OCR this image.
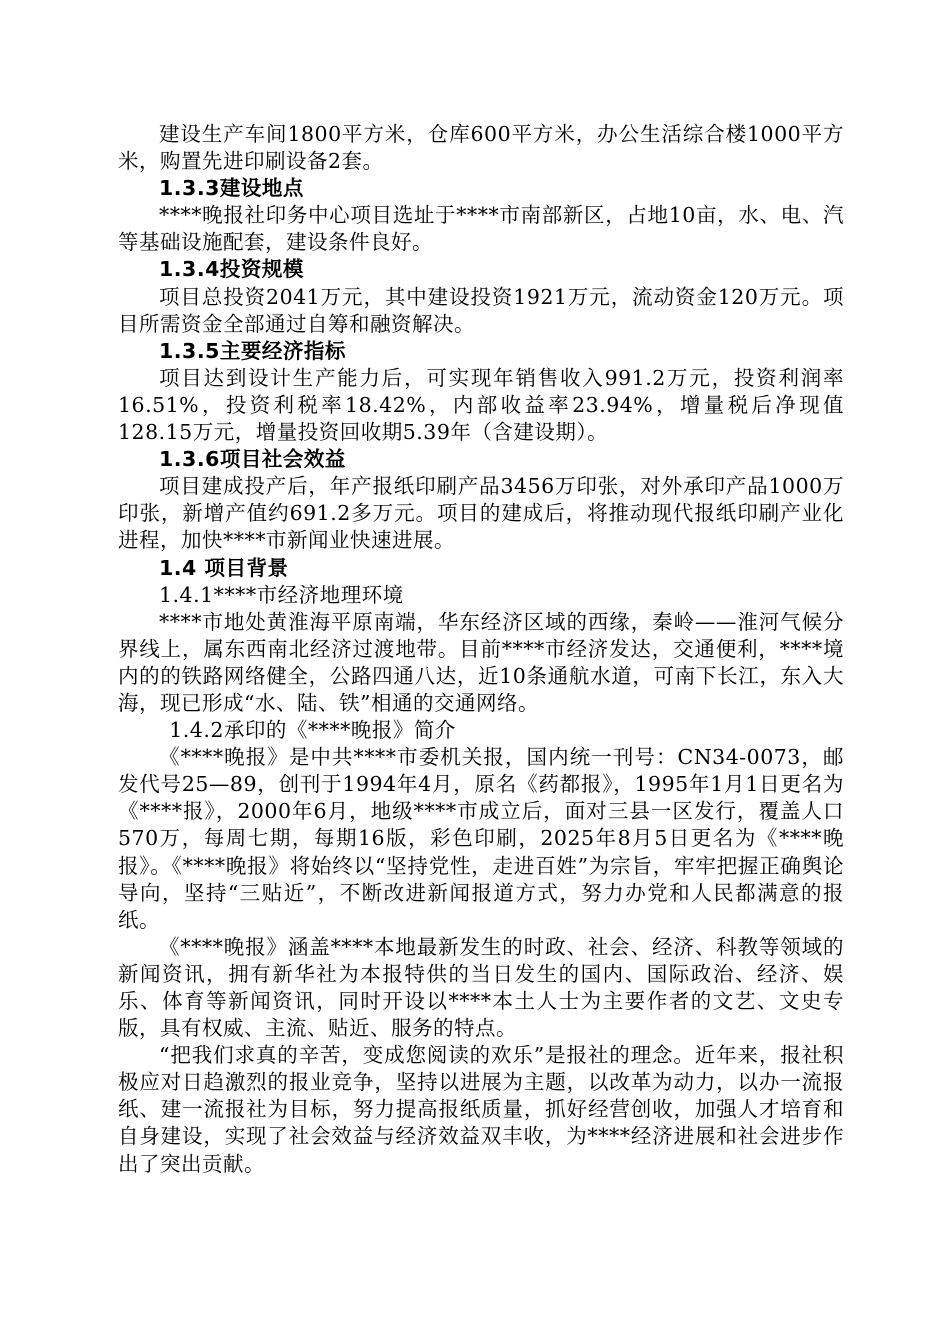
建设生产车间1800平方米，仓库600平方米，办公生活综合楼1000平方米，购置先进印刷设备2套。

1.3.3建设地点

****晚报社印务中心项目选址于****市南部新区，占地10亩，水、电、汽等基础设施配套，建设条件良好。

1.3.4投资规模

项目总投资2041万元，其中建设投资1921万元，流动资金120万元。项目所需资金全部通过自筹和融资解决。

1.3.5主要经济指标

项目达到设计生产能力后，可实现年销售收入991.2万元，投资利润率16.51%，投资利税率18.42%，内部收益率23.94%，增量税后净现值128.15万元，增量投资回收期5.39年（含建设期）。

1.3.6项目社会效益

项目建成投产后，年产报纸印刷产品3456万印张，对外承印产品1000万印张，新增产值约691.2多万元。项目的建成后，将推动现代报纸印刷产业化进程，加快****市新闻业快速进展。

1.4 项目背景

1.4.1****市经济地理环境

****市地处黄淮海平原南端，华东经济区域的西缘，秦岭——淮河气候分界线上，属东西南北经济过渡地带。目前****市经济发达，交通便利，****境内的的铁路网络健全，公路四通八达，近10条通航水道，可南下长江，东入大海，现已形成“水、陆、铁”相通的交通网络。

1.4.2承印的《****晚报》简介

《****晚报》是中共****市委机关报，国内统一刊号：CN34-0073，邮发代号25—89，创刊于1994年4月，原名《药都报》，1995年1月1日更名为《****报》，2000年6月，地级****市成立后，面对三县一区发行，覆盖人口570万，每周七期，每期16版，彩色印刷，2025年8月5日更名为《****晚报》。《****晚报》将始终以“坚持党性，走进百姓”为宗旨，牢牢把握正确舆论导向，坚持“三贴近”，不断改进新闻报道方式，努力办党和人民都满意的报纸。

《****晚报》涵盖****本地最新发生的时政、社会、经济、科教等领域的新闻资讯，拥有新华社为本报特供的当日发生的国内、国际政治、经济、娱乐、体育等新闻资讯，同时开设以****本土人士为主要作者的文艺、文史专版，具有权威、主流、贴近、服务的特点。

“把我们求真的辛苦，变成您阅读的欢乐”是报社的理念。近年来，报社积极应对日趋激烈的报业竞争，坚持以进展为主题，以改革为动力，以办一流报纸、建一流报社为目标，努力提高报纸质量，抓好经营创收，加强人才培育和自身建设，实现了社会效益与经济效益双丰收，为****经济进展和社会进步作出了突出贡献。
